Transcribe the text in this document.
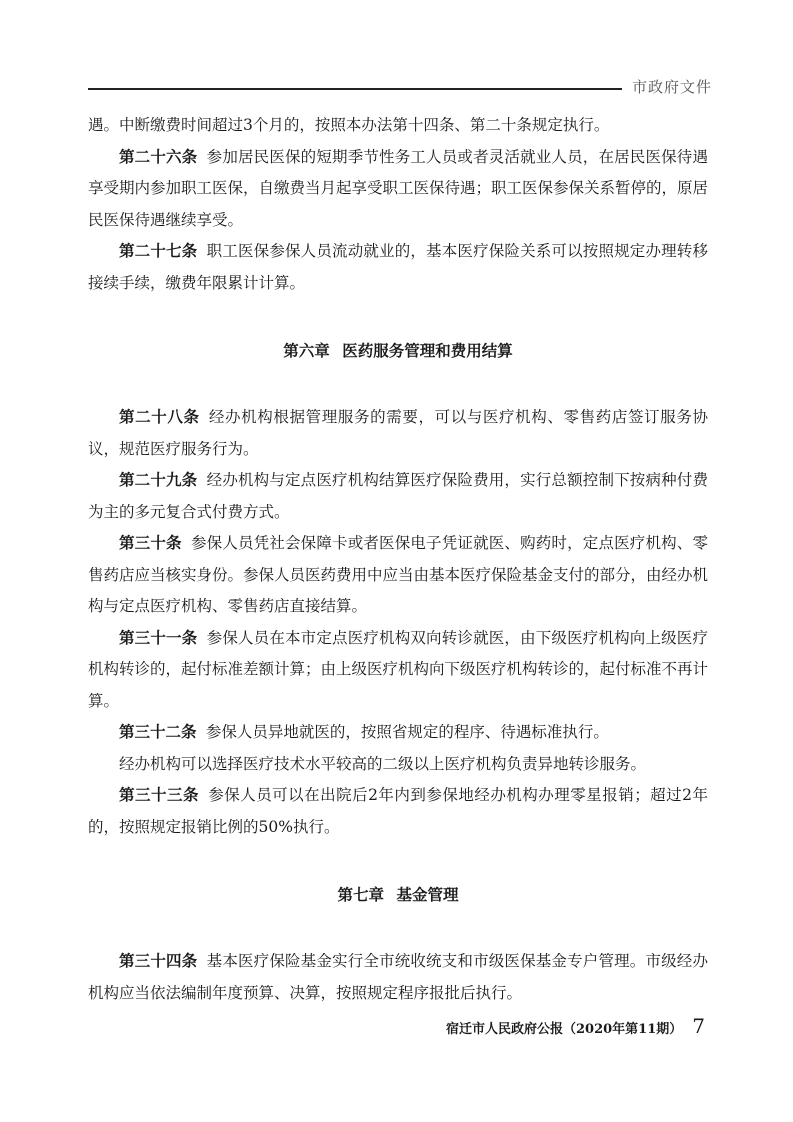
市政府文件

遇。中断缴费时间超过3个月的，按照本办法第十四条、第二十条规定执行。

第二十六条 参加居民医保的短期季节性务工人员或者灵活就业人员，在居民医保待遇享受期内参加职工医保，自缴费当月起享受职工医保待遇；职工医保参保关系暂停的，原居民医保待遇继续享受。

第二十七条 职工医保参保人员流动就业的，基本医疗保险关系可以按照规定办理转移接续手续，缴费年限累计计算。

第六章 医药服务管理和费用结算

第二十八条 经办机构根据管理服务的需要，可以与医疗机构、零售药店签订服务协议，规范医疗服务行为。

第二十九条 经办机构与定点医疗机构结算医疗保险费用，实行总额控制下按病种付费为主的多元复合式付费方式。

第三十条 参保人员凭社会保障卡或者医保电子凭证就医、购药时，定点医疗机构、零售药店应当核实身份。参保人员医药费用中应当由基本医疗保险基金支付的部分，由经办机构与定点医疗机构、零售药店直接结算。

第三十一条 参保人员在本市定点医疗机构双向转诊就医，由下级医疗机构向上级医疗机构转诊的，起付标准差额计算；由上级医疗机构向下级医疗机构转诊的，起付标准不再计算。

第三十二条 参保人员异地就医的，按照省规定的程序、待遇标准执行。

经办机构可以选择医疗技术水平较高的二级以上医疗机构负责异地转诊服务。

第三十三条 参保人员可以在出院后2年内到参保地经办机构办理零星报销；超过2年的，按照规定报销比例的50%执行。

第七章 基金管理

第三十四条 基本医疗保险基金实行全市统收统支和市级医保基金专户管理。市级经办机构应当依法编制年度预算、决算，按照规定程序报批后执行。

宿迁市人民政府公报（2020年第11期） 7
